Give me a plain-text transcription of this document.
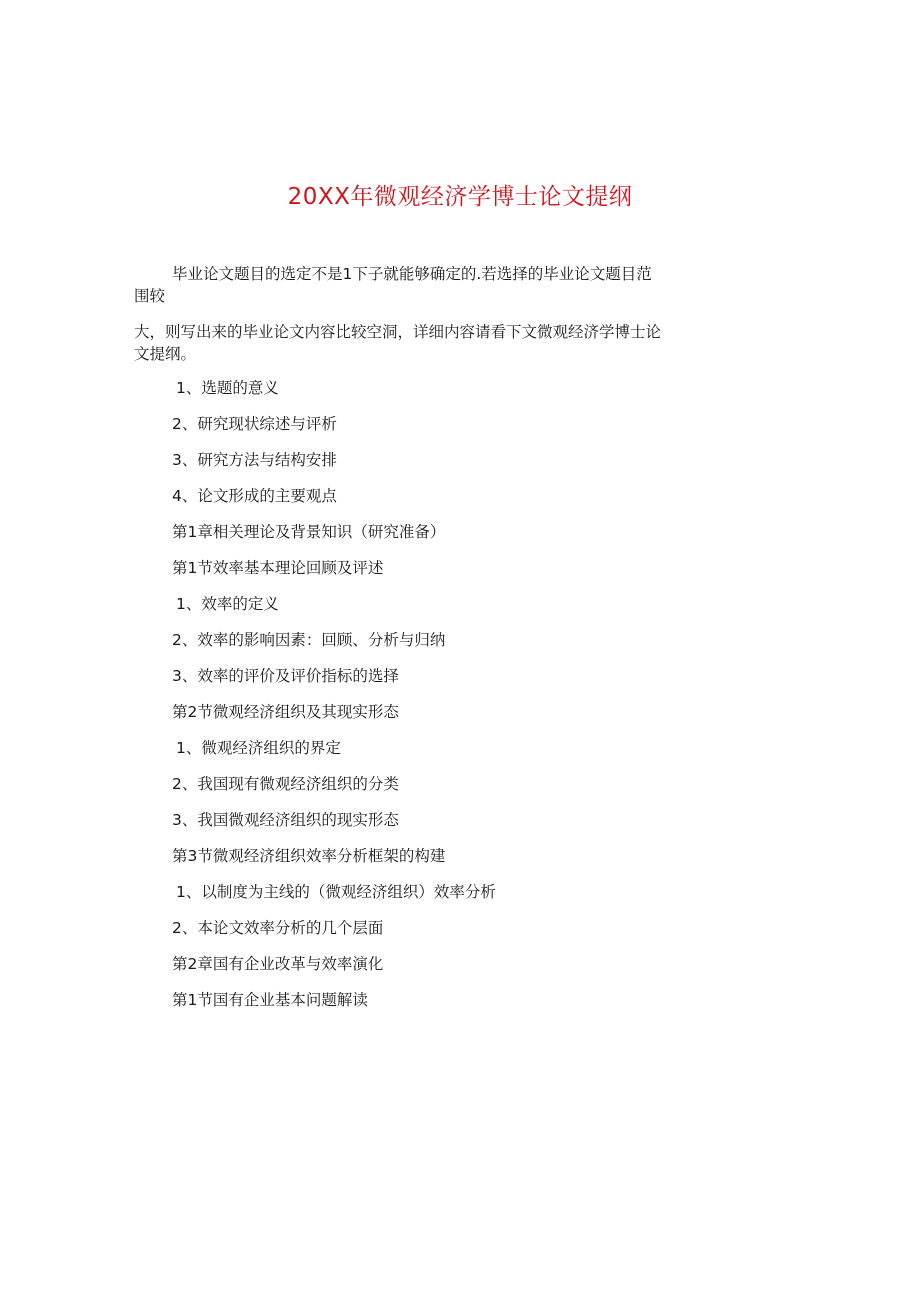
20XX年微观经济学博士论文提纲

毕业论文题目的选定不是1下子就能够确定的.若选择的毕业论文题目范围较

大，则写出来的毕业论文内容比较空洞，详细内容请看下文微观经济学博士论文提纲。

1、选题的意义
2、研究现状综述与评析
3、研究方法与结构安排
4、论文形成的主要观点
第1章相关理论及背景知识（研究准备）
第1节效率基本理论回顾及评述
1、效率的定义
2、效率的影响因素：回顾、分析与归纳
3、效率的评价及评价指标的选择
第2节微观经济组织及其现实形态
1、微观经济组织的界定
2、我国现有微观经济组织的分类
3、我国微观经济组织的现实形态
第3节微观经济组织效率分析框架的构建
1、以制度为主线的（微观经济组织）效率分析
2、本论文效率分析的几个层面
第2章国有企业改革与效率演化
第1节国有企业基本问题解读
